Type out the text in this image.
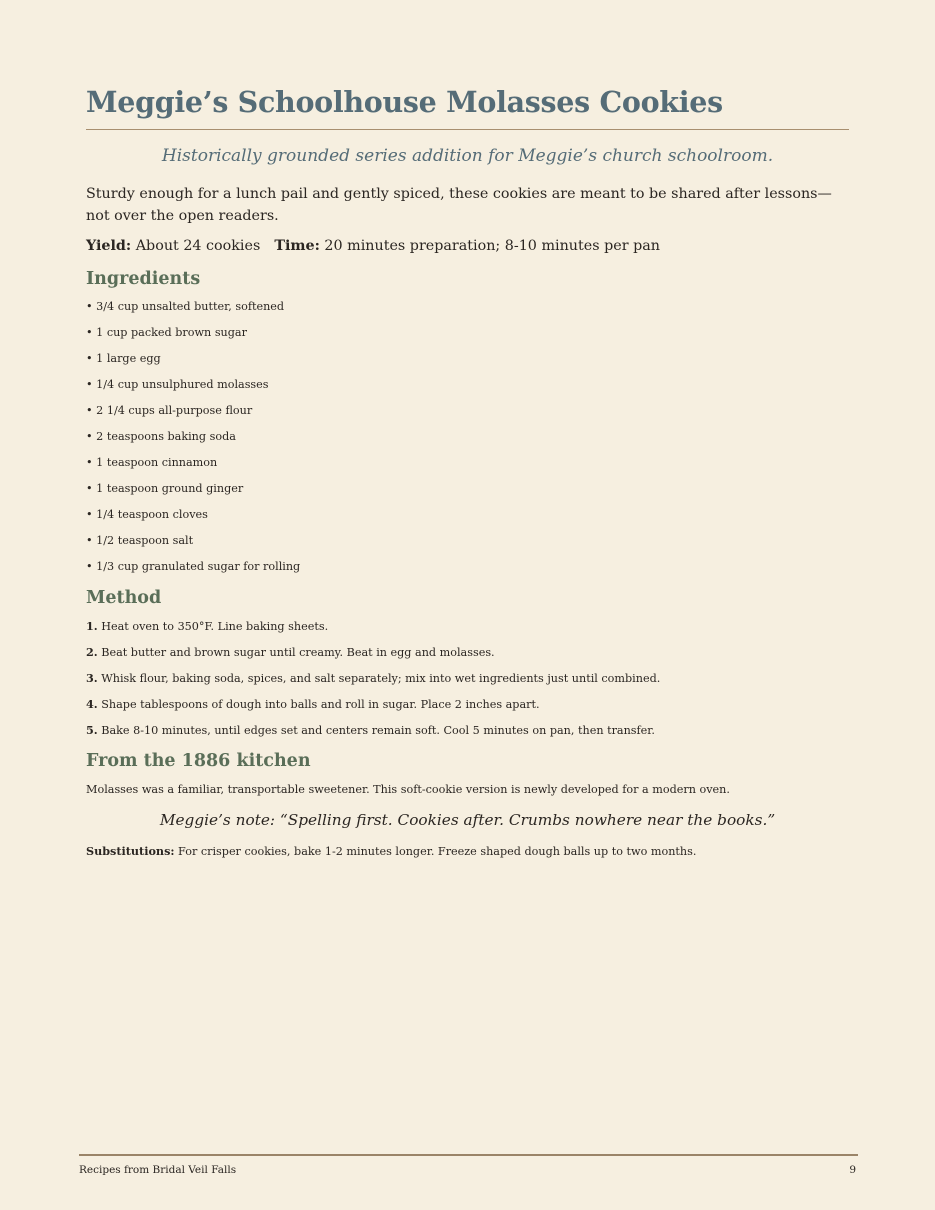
Meggie’s Schoolhouse Molasses Cookies
Historically grounded series addition for Meggie’s church schoolroom.
Sturdy enough for a lunch pail and gently spiced, these cookies are meant to be shared after lessons—not over the open readers.
Yield: About 24 cookies Time: 20 minutes preparation; 8-10 minutes per pan
Ingredients
• 3/4 cup unsalted butter, softened
• 1 cup packed brown sugar
• 1 large egg
• 1/4 cup unsulphured molasses
• 2 1/4 cups all-purpose flour
• 2 teaspoons baking soda
• 1 teaspoon cinnamon
• 1 teaspoon ground ginger
• 1/4 teaspoon cloves
• 1/2 teaspoon salt
• 1/3 cup granulated sugar for rolling
Method
1. Heat oven to 350°F. Line baking sheets.
2. Beat butter and brown sugar until creamy. Beat in egg and molasses.
3. Whisk flour, baking soda, spices, and salt separately; mix into wet ingredients just until combined.
4. Shape tablespoons of dough into balls and roll in sugar. Place 2 inches apart.
5. Bake 8-10 minutes, until edges set and centers remain soft. Cool 5 minutes on pan, then transfer.
From the 1886 kitchen
Molasses was a familiar, transportable sweetener. This soft-cookie version is newly developed for a modern oven.
Meggie’s note: “Spelling first. Cookies after. Crumbs nowhere near the books.”
Substitutions: For crisper cookies, bake 1-2 minutes longer. Freeze shaped dough balls up to two months.
Recipes from Bridal Veil Falls	9
